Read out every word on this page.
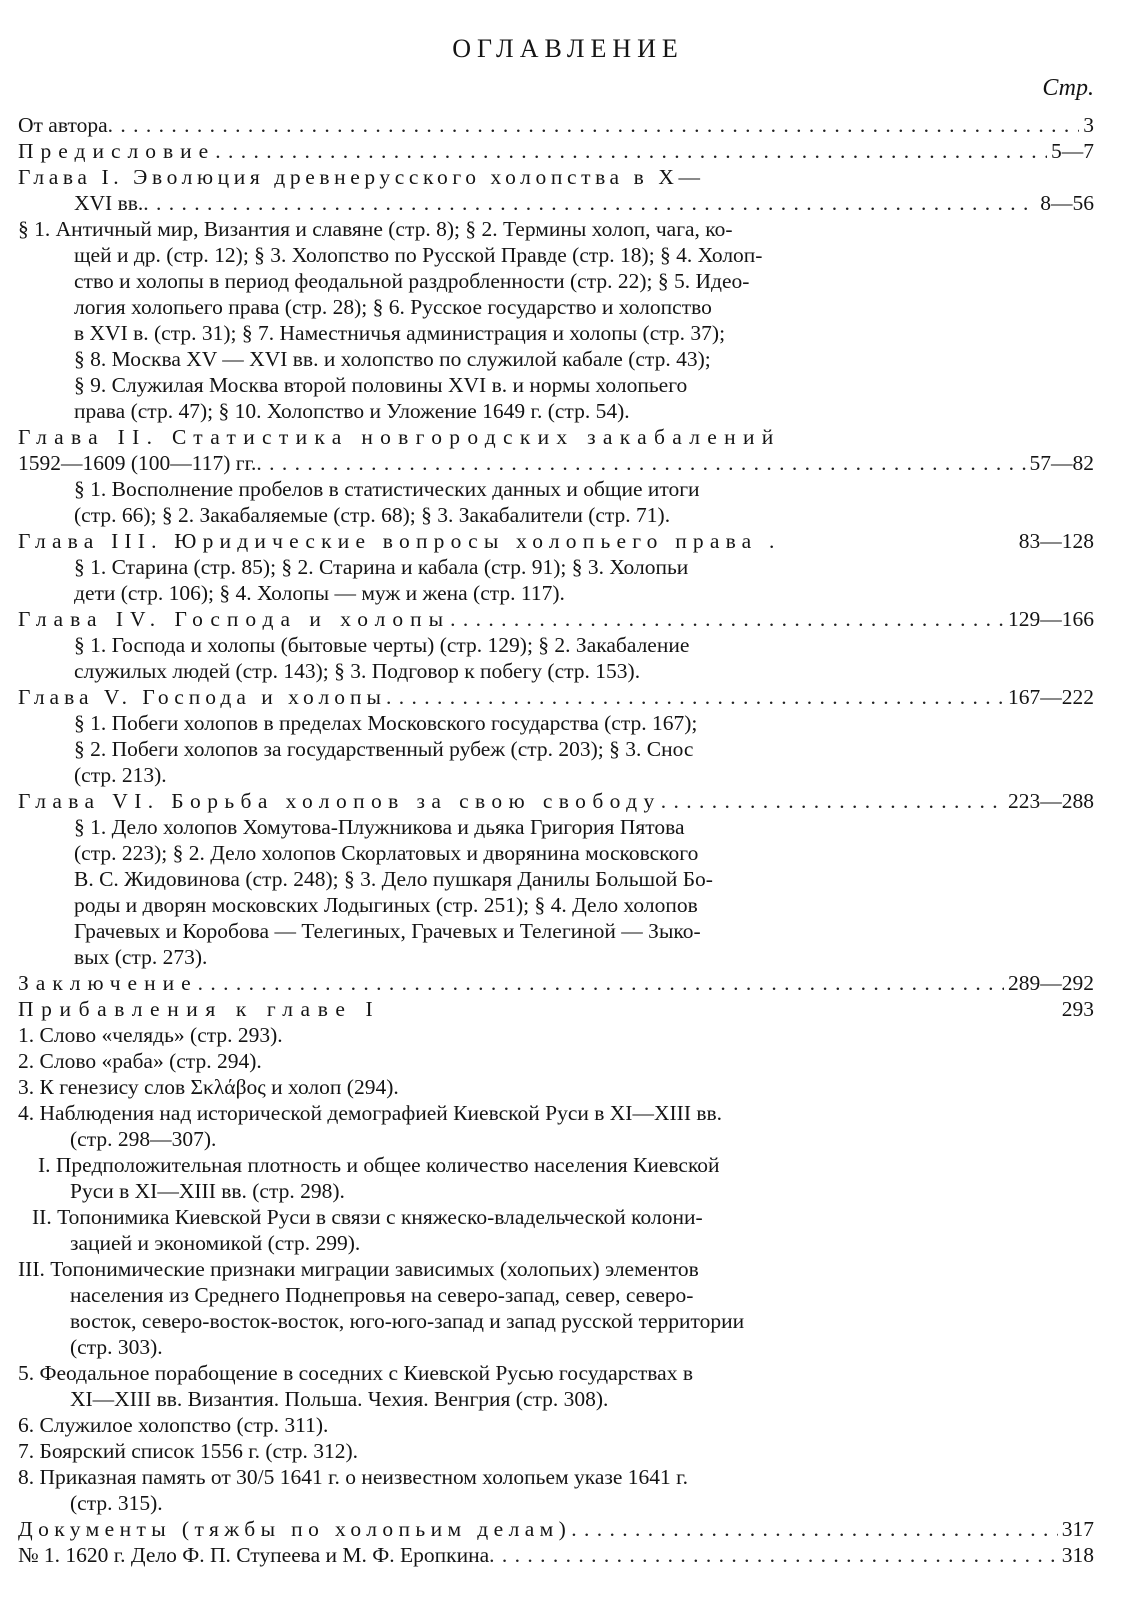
ОГЛАВЛЕНИЕ
Стр.
От автора . . .	3
Предисловие . . .	5—7
Глава I. Эволюция древнерусского холопства в X—
XVI вв. . . .	8—56
§ 1. Античный мир, Византия и славяне (стр. 8); § 2. Термины холоп, чага, ко-
щей и др. (стр. 12); § 3. Холопство по Русской Правде (стр. 18); § 4. Холоп-
ство и холопы в период феодальной раздробленности (стр. 22); § 5. Идео-
логия холопьего права (стр. 28); § 6. Русское государство и холопство
в XVI в. (стр. 31); § 7. Наместничья администрация и холопы (стр. 37);
§ 8. Москва XV — XVI вв. и холопство по служилой кабале (стр. 43);
§ 9. Служилая Москва второй половины XVI в. и нормы холопьего
права (стр. 47); § 10. Холопство и Уложение 1649 г. (стр. 54).
Глава II. Статистика новгородских закабалений
1592—1609 (100—117) гг. . . .	57—82
§ 1. Восполнение пробелов в статистических данных и общие итоги
(стр. 66); § 2. Закабаляемые (стр. 68); § 3. Закабалители (стр. 71).
Глава III. Юридические вопросы холопьего права .	83—128
§ 1. Старина (стр. 85); § 2. Старина и кабала (стр. 91); § 3. Холопьи
дети (стр. 106); § 4. Холопы — муж и жена (стр. 117).
Глава IV. Господа и холопы . . .	129—166
§ 1. Господа и холопы (бытовые черты) (стр. 129); § 2. Закабаление
служилых людей (стр. 143); § 3. Подговор к побегу (стр. 153).
Глава V. Господа и холопы . . .	167—222
§ 1. Побеги холопов в пределах Московского государства (стр. 167);
§ 2. Побеги холопов за государственный рубеж (стр. 203); § 3. Снос
(стр. 213).
Глава VI. Борьба холопов за свою свободу . . .	223—288
§ 1. Дело холопов Хомутова-Плужникова и дьяка Григория Пятова
(стр. 223); § 2. Дело холопов Скорлатовых и дворянина московского
В. С. Жидовинова (стр. 248); § 3. Дело пушкаря Данилы Большой Бо-
роды и дворян московских Лодыгиных (стр. 251); § 4. Дело холопов
Грачевых и Коробова — Телегиных, Грачевых и Телегиной — Зыко-
вых (стр. 273).
Заключение . . .	289—292
Прибавления к главе I	293
1. Слово «челядь» (стр. 293).
2. Слово «раба» (стр. 294).
3. К генезису слов Σκλάβος и холоп (294).
4. Наблюдения над исторической демографией Киевской Руси в XI—XIII вв.
(стр. 298—307).
I. Предположительная плотность и общее количество населения Киевской
Руси в XI—XIII вв. (стр. 298).
II. Топонимика Киевской Руси в связи с княжеско-владельческой колони-
зацией и экономикой (стр. 299).
III. Топонимические признаки миграции зависимых (холопьих) элементов
населения из Среднего Поднепровья на северо-запад, север, северо-
восток, северо-восток-восток, юго-юго-запад и запад русской территории
(стр. 303).
5. Феодальное порабощение в соседних с Киевской Русью государствах в
XI—XIII вв. Византия. Польша. Чехия. Венгрия (стр. 308).
6. Служилое холопство (стр. 311).
7. Боярский список 1556 г. (стр. 312).
8. Приказная память от 30/5 1641 г. о неизвестном холопьем указе 1641 г.
(стр. 315).
Документы (тяжбы по холопьим делам) . . .	317
№ 1. 1620 г. Дело Ф. П. Ступеева и М. Ф. Еропкина . . .	318
